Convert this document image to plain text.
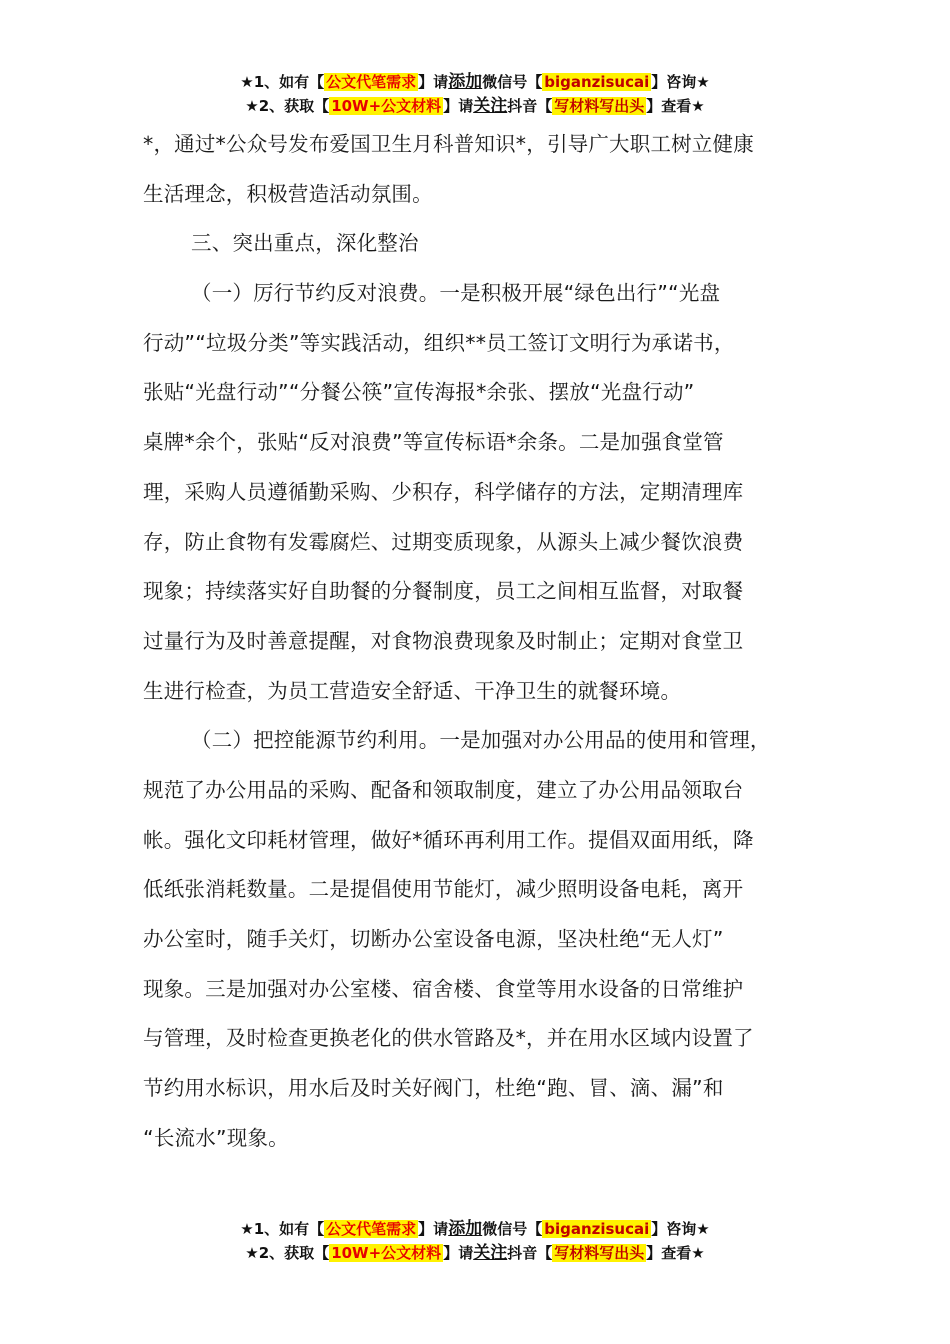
★1、如有【 公文代笔需求 】请添加微信号【 biganzisucai 】咨询★
★2、获取【 10W+公文材料 】请关注抖音【 写材料写出头 】查看★
*，通过*公众号发布爱国卫生月科普知识*，引导广大职工树立健康
生活理念，积极营造活动氛围。
三、突出重点，深化整治
（一）厉行节约反对浪费。一是积极开展“绿色出行”“光盘
行动”“垃圾分类”等实践活动，组织**员工签订文明行为承诺书，
张贴“光盘行动”“分餐公筷”宣传海报*余张、摆放“光盘行动”
桌牌*余个，张贴“反对浪费”等宣传标语*余条。二是加强食堂管
理，采购人员遵循勤采购、少积存，科学储存的方法，定期清理库
存，防止食物有发霉腐烂、过期变质现象，从源头上减少餐饮浪费
现象；持续落实好自助餐的分餐制度，员工之间相互监督，对取餐
过量行为及时善意提醒，对食物浪费现象及时制止；定期对食堂卫
生进行检查，为员工营造安全舒适、干净卫生的就餐环境。
（二）把控能源节约利用。一是加强对办公用品的使用和管理，
规范了办公用品的采购、配备和领取制度，建立了办公用品领取台
帐。强化文印耗材管理，做好*循环再利用工作。提倡双面用纸，降
低纸张消耗数量。二是提倡使用节能灯，减少照明设备电耗，离开
办公室时，随手关灯，切断办公室设备电源，坚决杜绝“无人灯”
现象。三是加强对办公室楼、宿舍楼、食堂等用水设备的日常维护
与管理，及时检查更换老化的供水管路及*，并在用水区域内设置了
节约用水标识，用水后及时关好阀门，杜绝“跑、冒、滴、漏”和
“长流水”现象。
★1、如有【 公文代笔需求 】请添加微信号【 biganzisucai 】咨询★
★2、获取【 10W+公文材料 】请关注抖音【 写材料写出头 】查看★
